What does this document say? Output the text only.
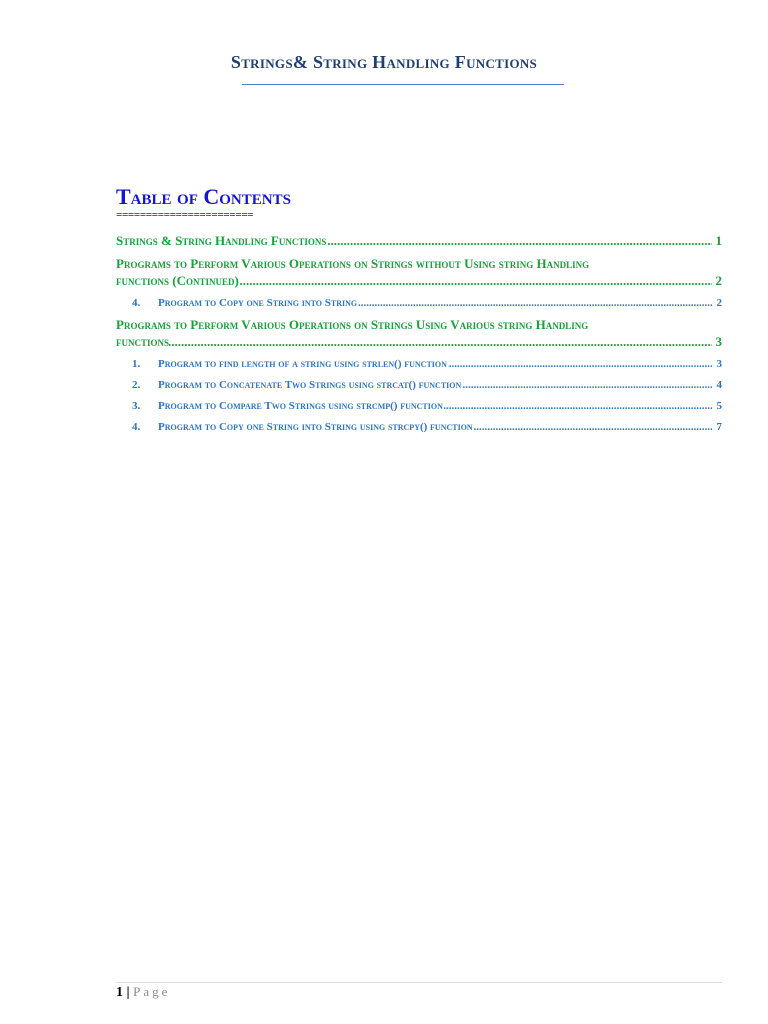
Strings& String Handling Functions
Table of Contents
=======================
.....
Strings & String Handling Functions	1
.....
Programs to Perform Various Operations on Strings without Using string Handling
functions (Continued)	2
.....
4. Program to Copy one String into String	2
.....
Programs to Perform Various Operations on Strings Using Various string Handling
functions	3
.....
1. Program to find length of a string using strlen() function	3
.....
2. Program to Concatenate Two Strings using strcat() function	4
.....
3. Program to Compare Two Strings using strcmp() function	5
.....
4. Program to Copy one String into String using strcpy() function	7
1 | Page
